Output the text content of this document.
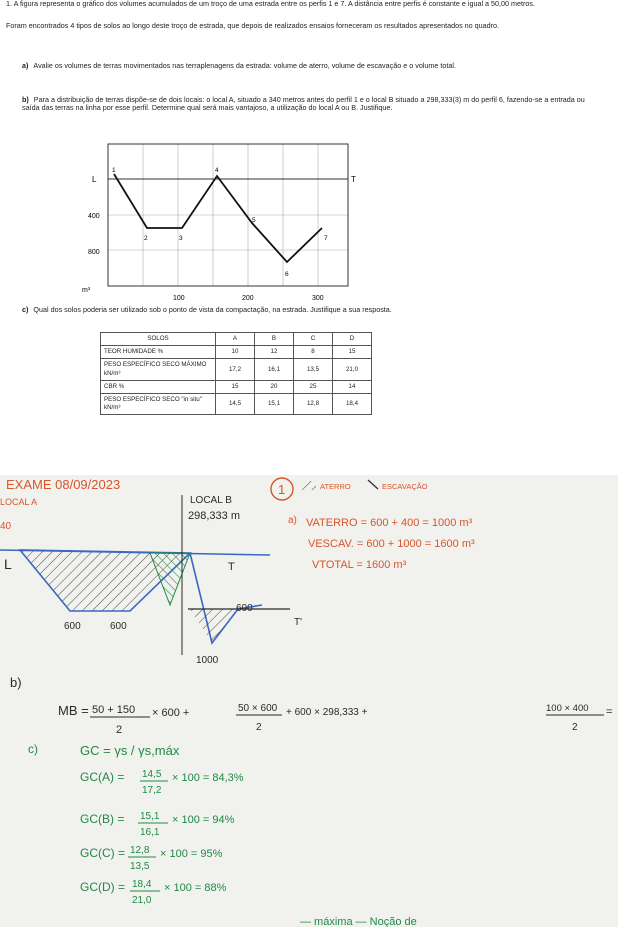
1. A figura representa o gráfico dos volumes acumulados de um troço de uma estrada entre os perfis 1 e 7. A distância entre perfis é constante e igual a 50,00 metros.

Foram encontrados 4 tipos de solos ao longo deste troço de estrada, que depois de realizados ensaios forneceram os resultados apresentados no quadro.

a) Avalie os volumes de terras movimentados nas terraplenagens da estrada: volume de aterro, volume de escavação e o volume total.

b) Para a distribuição de terras dispõe-se de dois locais: o local A, situado a 340 metros antes do perfil 1 e o local B situado a 298,333(3) m do perfil 6, fazendo-se a entrada ou saída das terras na linha por esse perfil. Determine qual será mais vantajoso, a utilização do local A ou B. Justifique.

L
400
800
m³
T
100	200	300
1
2	3
4
5
6
7

c) Qual dos solos poderia ser utilizado sob o ponto de vista da compactação, na estrada. Justifique a sua resposta.

SOLOS	A	B	C	D
TEOR HUMIDADE %	10	12	8	15
PESO ESPECÍFICO SECO MÁXIMO kN/m³	17,2	16,1	13,5	21,0
CBR %	15	20	25	14
PESO ESPECÍFICO SECO "in situ" kN/m³	14,5	15,1	12,8	18,4
EXAME 08/09/2023
LOCAL A
40
L
LOCAL B
298,333 m
1	ATERRO	ESCAVAÇÃO
T
T'
600	600
600
1000
a) VATERRO = 600 + 400 = 1000 m³
VESCAV. = 600 + 1000 = 1600 m³
VTOTAL = 1600 m³
b)
MB = 50 + 150
2
× 600 +	50 × 600
2
+ 600 × 298,333 +	100 × 400
2
=
c)	GC = γs / γs,máx
GC(A) = 14,5
17,2
× 100 = 84,3%
GC(B) = 15,1
16,1
× 100 = 94%
GC(C) = 12,8
13,5
× 100 = 95%
GC(D) = 18,4
21,0
× 100 = 88%
— máxima — Noção de
